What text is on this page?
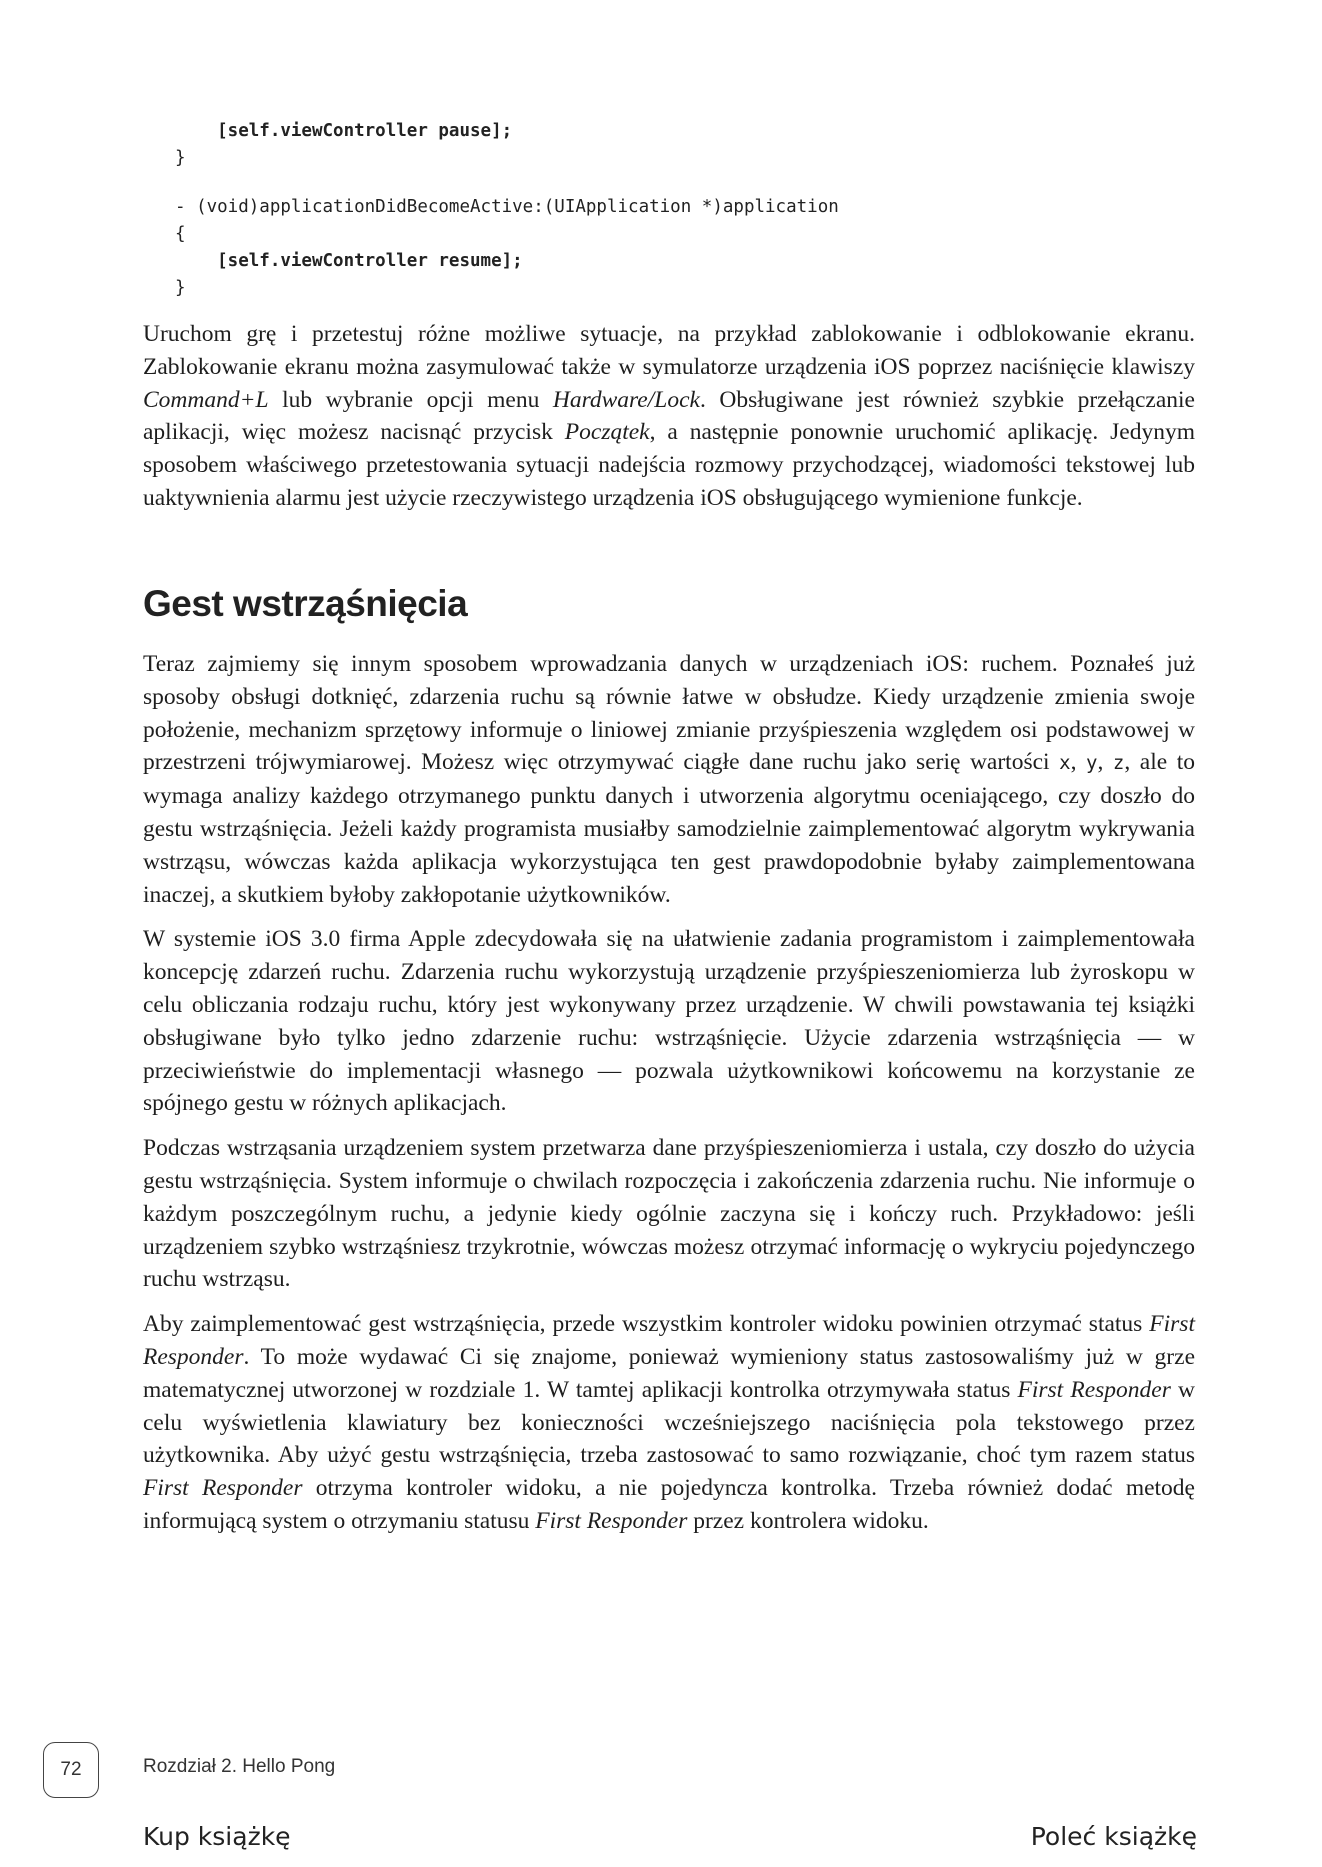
[self.viewController pause];
}
- (void)applicationDidBecomeActive:(UIApplication *)application
{
[self.viewController resume];
}

Uruchom grę i przetestuj różne możliwe sytuacje, na przykład zablokowanie i odblokowanie ekranu. Zablokowanie ekranu można zasymulować także w symulatorze urządzenia iOS poprzez naciśnięcie klawiszy Command+L lub wybranie opcji menu Hardware/Lock. Obsługiwane jest również szybkie przełączanie aplikacji, więc możesz nacisnąć przycisk Początek, a następnie ponownie uruchomić aplikację. Jedynym sposobem właściwego przetestowania sytuacji nadejścia rozmowy przychodzącej, wiadomości tekstowej lub uaktywnienia alarmu jest użycie rzeczywistego urządzenia iOS obsługującego wymienione funkcje.

Gest wstrząśnięcia

Teraz zajmiemy się innym sposobem wprowadzania danych w urządzeniach iOS: ruchem. Poznałeś już sposoby obsługi dotknięć, zdarzenia ruchu są równie łatwe w obsłudze. Kiedy urządzenie zmienia swoje położenie, mechanizm sprzętowy informuje o liniowej zmianie przyśpieszenia względem osi podstawowej w przestrzeni trójwymiarowej. Możesz więc otrzymywać ciągłe dane ruchu jako serię wartości x, y, z, ale to wymaga analizy każdego otrzymanego punktu danych i utworzenia algorytmu oceniającego, czy doszło do gestu wstrząśnięcia. Jeżeli każdy programista musiałby samodzielnie zaimplementować algorytm wykrywania wstrząsu, wówczas każda aplikacja wykorzystująca ten gest prawdopodobnie byłaby zaimplementowana inaczej, a skutkiem byłoby zakłopotanie użytkowników.

W systemie iOS 3.0 firma Apple zdecydowała się na ułatwienie zadania programistom i zaimplementowała koncepcję zdarzeń ruchu. Zdarzenia ruchu wykorzystują urządzenie przyśpieszeniomierza lub żyroskopu w celu obliczania rodzaju ruchu, który jest wykonywany przez urządzenie. W chwili powstawania tej książki obsługiwane było tylko jedno zdarzenie ruchu: wstrząśnięcie. Użycie zdarzenia wstrząśnięcia — w przeciwieństwie do implementacji własnego — pozwala użytkownikowi końcowemu na korzystanie ze spójnego gestu w różnych aplikacjach.

Podczas wstrząsania urządzeniem system przetwarza dane przyśpieszeniomierza i ustala, czy doszło do użycia gestu wstrząśnięcia. System informuje o chwilach rozpoczęcia i zakończenia zdarzenia ruchu. Nie informuje o każdym poszczególnym ruchu, a jedynie kiedy ogólnie zaczyna się i kończy ruch. Przykładowo: jeśli urządzeniem szybko wstrząśniesz trzykrotnie, wówczas możesz otrzymać informację o wykryciu pojedynczego ruchu wstrząsu.

Aby zaimplementować gest wstrząśnięcia, przede wszystkim kontroler widoku powinien otrzymać status First Responder. To może wydawać Ci się znajome, ponieważ wymieniony status zastosowaliśmy już w grze matematycznej utworzonej w rozdziale 1. W tamtej aplikacji kontrolka otrzymywała status First Responder w celu wyświetlenia klawiatury bez konieczności wcześniejszego naciśnięcia pola tekstowego przez użytkownika. Aby użyć gestu wstrząśnięcia, trzeba zastosować to samo rozwiązanie, choć tym razem status First Responder otrzyma kontroler widoku, a nie pojedyncza kontrolka. Trzeba również dodać metodę informującą system o otrzymaniu statusu First Responder przez kontrolera widoku.

72	Rozdział 2. Hello Pong
Kup książkę	Poleć książkę
